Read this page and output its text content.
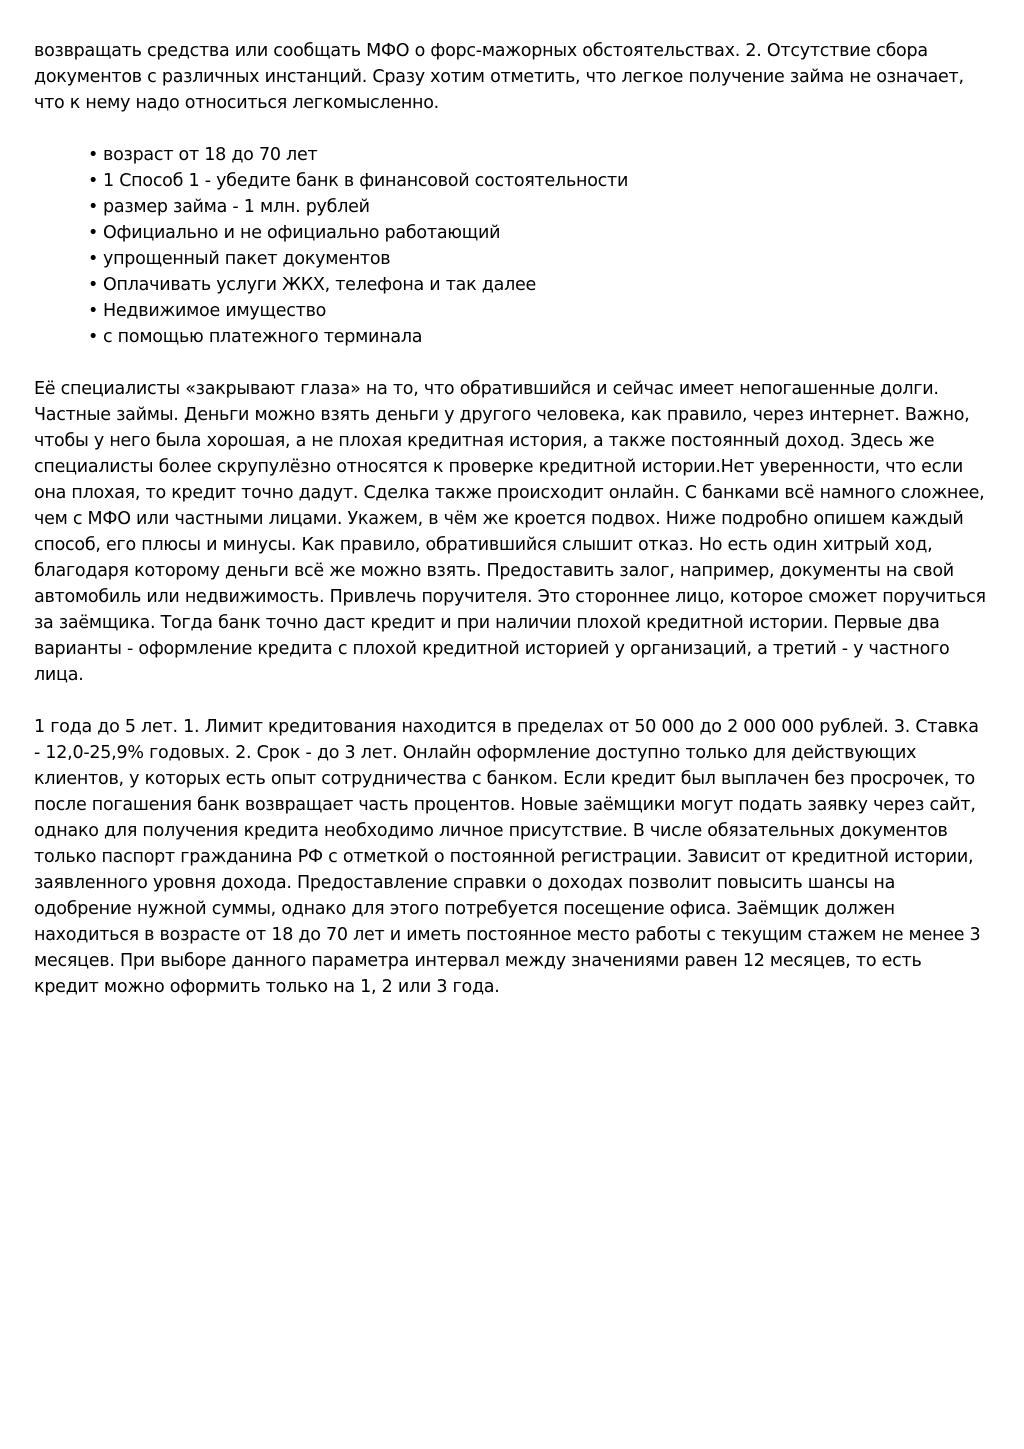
возвращать средства или сообщать МФО о форс-мажорных обстоятельствах. 2. Отсутствие сбора документов с различных инстанций. Сразу хотим отметить, что легкое получение займа не означает, что к нему надо относиться легкомысленно.

• возраст от 18 до 70 лет
• 1 Способ 1 - убедите банк в финансовой состоятельности
• размер займа - 1 млн. рублей
• Официально и не официально работающий
• упрощенный пакет документов
• Оплачивать услуги ЖКХ, телефона и так далее
• Недвижимое имущество
• с помощью платежного терминала

Её специалисты «закрывают глаза» на то, что обратившийся и сейчас имеет непогашенные долги. Частные займы. Деньги можно взять деньги у другого человека, как правило, через интернет. Важно, чтобы у него была хорошая, а не плохая кредитная история, а также постоянный доход. Здесь же специалисты более скрупулёзно относятся к проверке кредитной истории.Нет уверенности, что если она плохая, то кредит точно дадут. Сделка также происходит онлайн. С банками всё намного сложнее, чем с МФО или частными лицами. Укажем, в чём же кроется подвох. Ниже подробно опишем каждый способ, его плюсы и минусы. Как правило, обратившийся слышит отказ. Но есть один хитрый ход, благодаря которому деньги всё же можно взять. Предоставить залог, например, документы на свой автомобиль или недвижимость. Привлечь поручителя. Это стороннее лицо, которое сможет поручиться за заёмщика. Тогда банк точно даст кредит и при наличии плохой кредитной истории. Первые два варианты - оформление кредита с плохой кредитной историей у организаций, а третий - у частного лица.

1 года до 5 лет. 1. Лимит кредитования находится в пределах от 50 000 до 2 000 000 рублей. 3. Ставка - 12,0-25,9% годовых. 2. Срок - до 3 лет. Онлайн оформление доступно только для действующих клиентов, у которых есть опыт сотрудничества с банком. Если кредит был выплачен без просрочек, то после погашения банк возвращает часть процентов. Новые заёмщики могут подать заявку через сайт, однако для получения кредита необходимо личное присутствие. В числе обязательных документов только паспорт гражданина РФ с отметкой о постоянной регистрации. Зависит от кредитной истории, заявленного уровня дохода. Предоставление справки о доходах позволит повысить шансы на одобрение нужной суммы, однако для этого потребуется посещение офиса. Заёмщик должен находиться в возрасте от 18 до 70 лет и иметь постоянное место работы с текущим стажем не менее 3 месяцев. При выборе данного параметра интервал между значениями равен 12 месяцев, то есть кредит можно оформить только на 1, 2 или 3 года.
